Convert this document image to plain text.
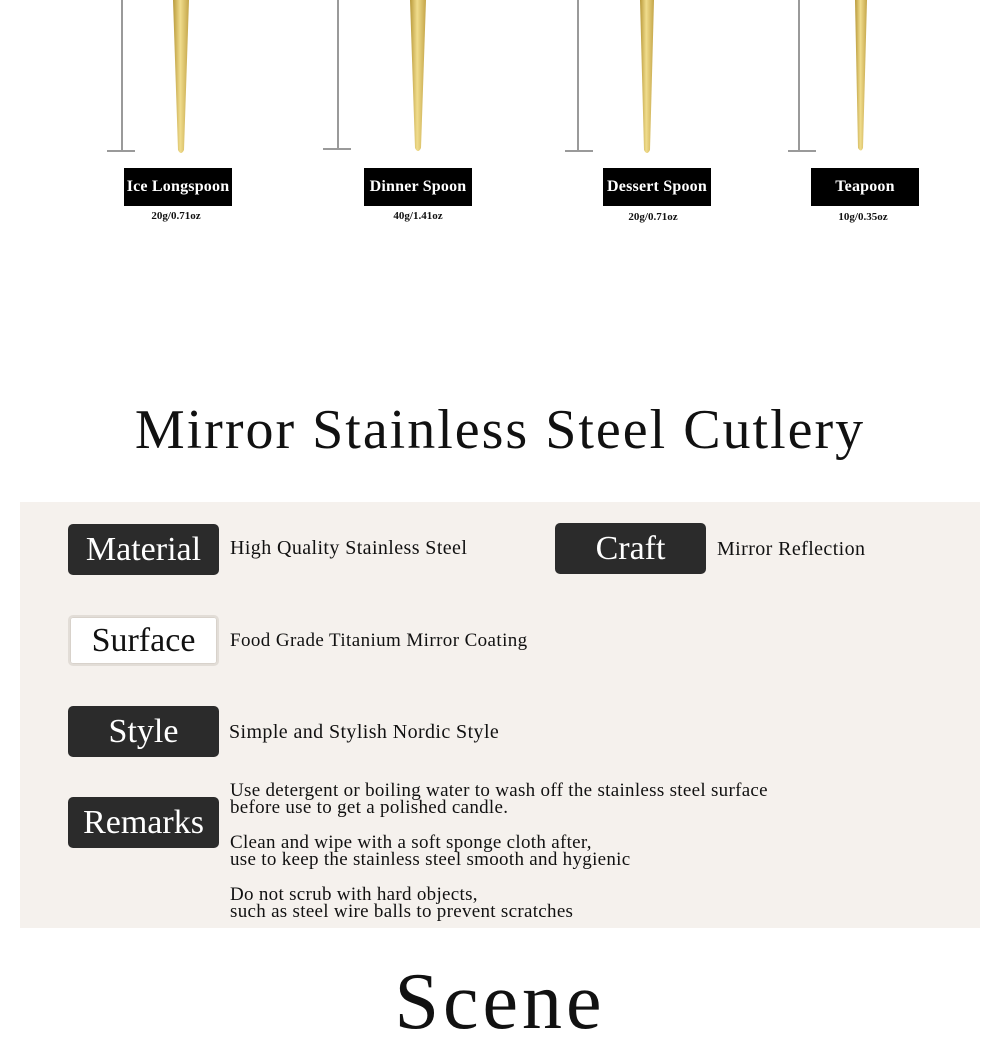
Ice Longspoon
20g/0.71oz
Dinner Spoon
40g/1.41oz
Dessert Spoon
20g/0.71oz
Teapoon
10g/0.35oz
Mirror Stainless Steel Cutlery
Material	High Quality Stainless Steel	Craft	Mirror Reflection
Surface	Food Grade Titanium Mirror Coating
Style	Simple and Stylish Nordic Style
Remarks
Use detergent or boiling water to wash off the stainless steel surface
before use to get a polished candle.
Clean and wipe with a soft sponge cloth after,
use to keep the stainless steel smooth and hygienic
Do not scrub with hard objects,
such as steel wire balls to prevent scratches
Scene
